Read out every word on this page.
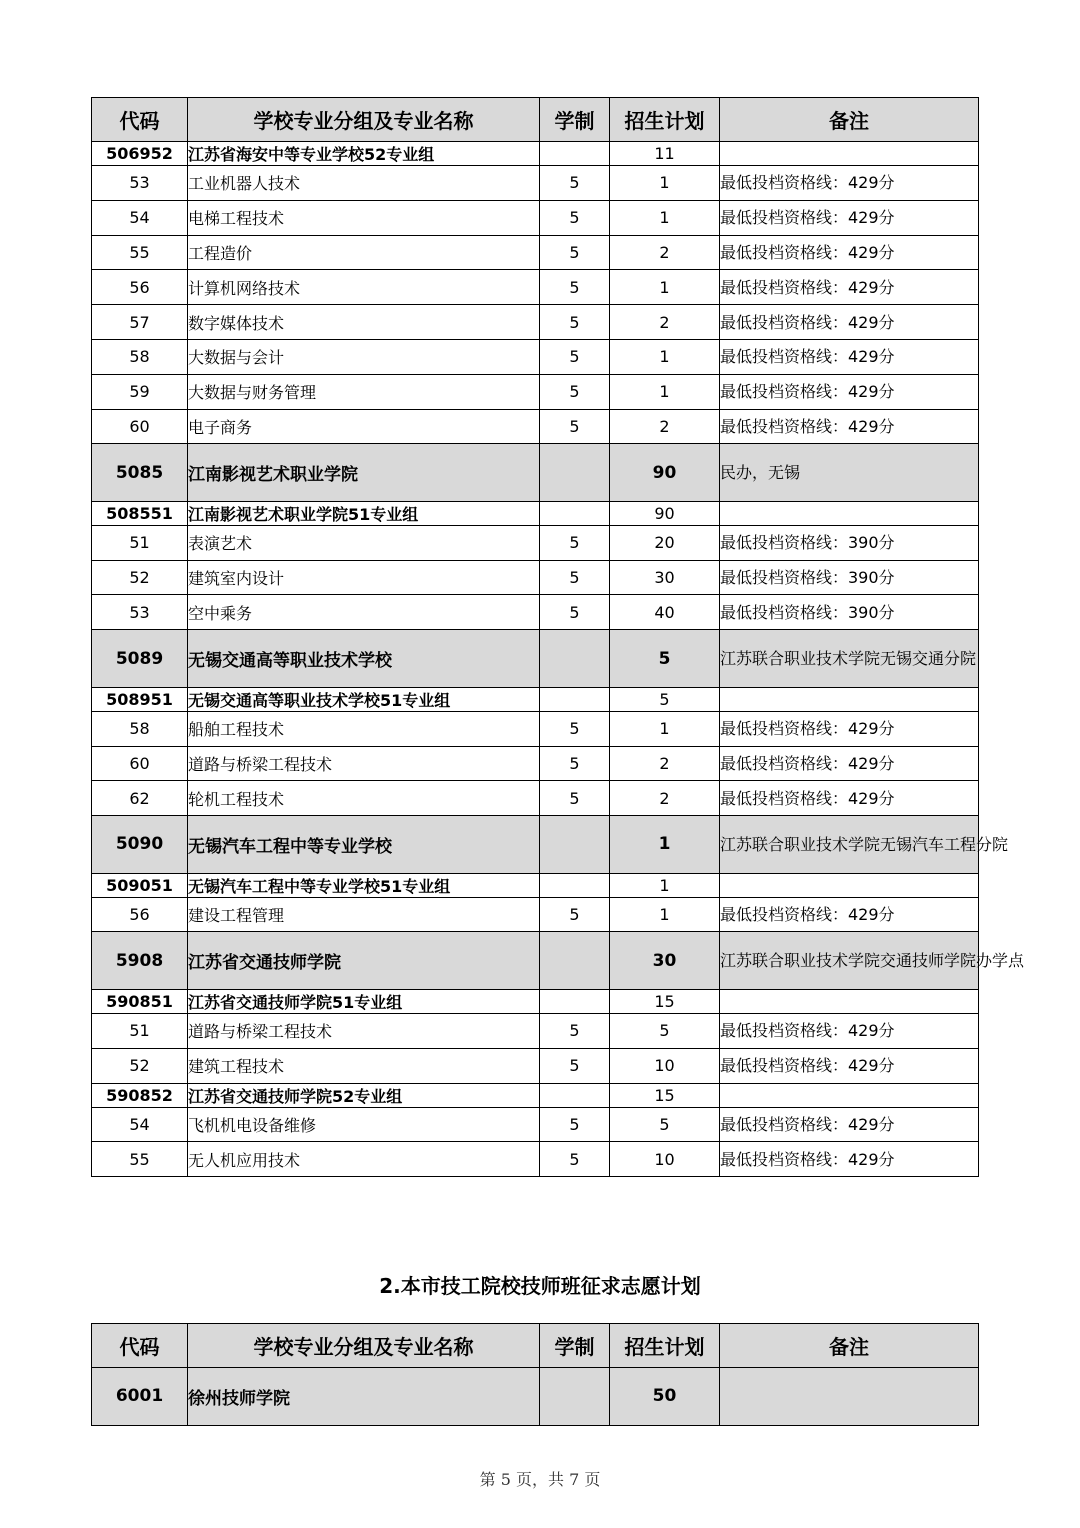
代码	学校专业分组及专业名称	学制	招生计划	备注
506952	江苏省海安中等专业学校52专业组		11	
53	工业机器人技术	5	1	最低投档资格线：429分
54	电梯工程技术	5	1	最低投档资格线：429分
55	工程造价	5	2	最低投档资格线：429分
56	计算机网络技术	5	1	最低投档资格线：429分
57	数字媒体技术	5	2	最低投档资格线：429分
58	大数据与会计	5	1	最低投档资格线：429分
59	大数据与财务管理	5	1	最低投档资格线：429分
60	电子商务	5	2	最低投档资格线：429分
5085	江南影视艺术职业学院		90	民办，无锡
508551	江南影视艺术职业学院51专业组		90	
51	表演艺术	5	20	最低投档资格线：390分
52	建筑室内设计	5	30	最低投档资格线：390分
53	空中乘务	5	40	最低投档资格线：390分
5089	无锡交通高等职业技术学校		5	江苏联合职业技术学院无锡交通分院
508951	无锡交通高等职业技术学校51专业组		5	
58	船舶工程技术	5	1	最低投档资格线：429分
60	道路与桥梁工程技术	5	2	最低投档资格线：429分
62	轮机工程技术	5	2	最低投档资格线：429分
5090	无锡汽车工程中等专业学校		1	江苏联合职业技术学院无锡汽车工程分院
509051	无锡汽车工程中等专业学校51专业组		1	
56	建设工程管理	5	1	最低投档资格线：429分
5908	江苏省交通技师学院		30	江苏联合职业技术学院交通技师学院办学点
590851	江苏省交通技师学院51专业组		15	
51	道路与桥梁工程技术	5	5	最低投档资格线：429分
52	建筑工程技术	5	10	最低投档资格线：429分
590852	江苏省交通技师学院52专业组		15	
54	飞机机电设备维修	5	5	最低投档资格线：429分
55	无人机应用技术	5	10	最低投档资格线：429分
2.本市技工院校技师班征求志愿计划
代码	学校专业分组及专业名称	学制	招生计划	备注
6001	徐州技师学院		50	
第 5 页，共 7 页
